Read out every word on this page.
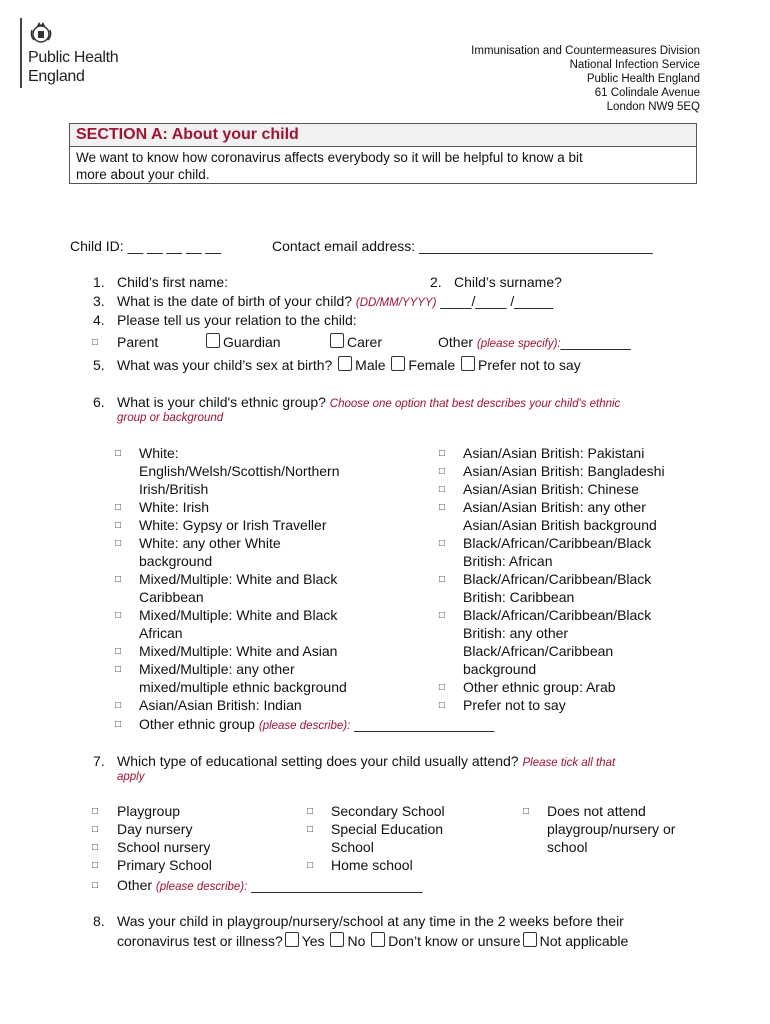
Public Health
England
Immunisation and Countermeasures Division
National Infection Service
Public Health England
61 Colindale Avenue
London NW9 5EQ
SECTION A: About your child
We want to know how coronavirus affects everybody so it will be helpful to know a bit
more about your child.
Child ID: __ __ __ __ __	Contact email address: ______________________________
1. Child’s first name:	2. Child’s surname?
3. What is the date of birth of your child? (DD/MM/YYYY) ____/____ /_____
4. Please tell us your relation to the child:
□ Parent	Guardian	Carer	Other (please specify):_________
5. What was your child’s sex at birth? Male Female Prefer not to say
6. What is your child's ethnic group? Choose one option that best describes your child's ethnic
group or background
□ White:
English/Welsh/Scottish/Northern
Irish/British
□ White: Irish
□ White: Gypsy or Irish Traveller
□ White: any other White
background
□ Mixed/Multiple: White and Black
Caribbean
□ Mixed/Multiple: White and Black
African
□ Mixed/Multiple: White and Asian
□ Mixed/Multiple: any other
mixed/multiple ethnic background
□ Asian/Asian British: Indian
□ Asian/Asian British: Pakistani
□ Asian/Asian British: Bangladeshi
□ Asian/Asian British: Chinese
□ Asian/Asian British: any other
Asian/Asian British background
□ Black/African/Caribbean/Black
British: African
□ Black/African/Caribbean/Black
British: Caribbean
□ Black/African/Caribbean/Black
British: any other
Black/African/Caribbean
background
□ Other ethnic group: Arab
□ Prefer not to say
□ Other ethnic group (please describe): __________________
7. Which type of educational setting does your child usually attend? Please tick all that
apply
□ Playgroup
□ Day nursery
□ School nursery
□ Primary School
□ Secondary School
□ Special Education
School
□ Home school
□ Does not attend
playgroup/nursery or
school
□ Other (please describe): ______________________
8. Was your child in playgroup/nursery/school at any time in the 2 weeks before their
coronavirus test or illness? Yes No Don’t know or unsure Not applicable
